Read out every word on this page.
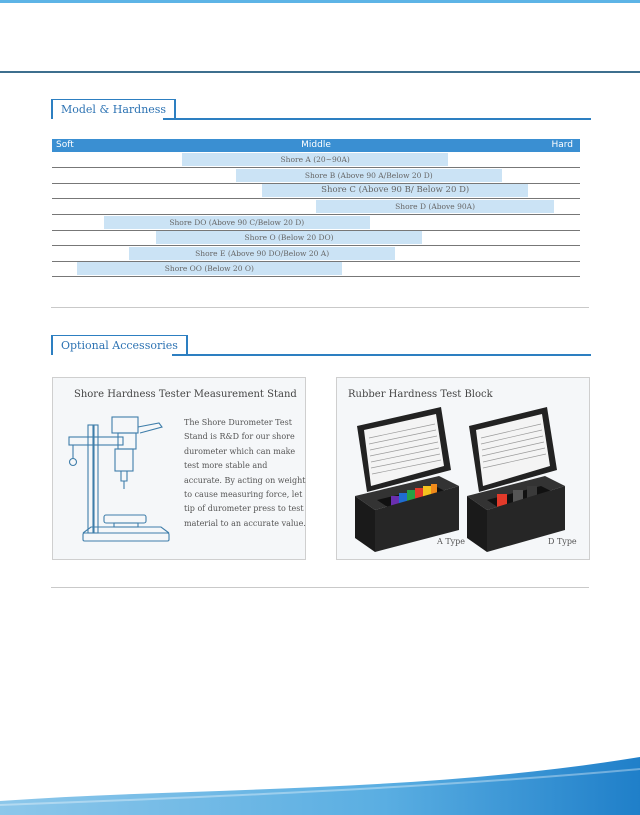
Model & Hardness
Middle
Soft	Hard
Shore A (20~90A)
Shore B (Above 90 A/Below 20 D)
Shore C (Above 90 B/ Below 20 D)
Shore D (Above 90A)
Shore DO (Above 90 C/Below 20 D)
Shore O (Below 20 DO)
Shore E (Above 90 DO/Below 20 A)
Shore OO (Below 20 O)
Optional Accessories
Shore Hardness Tester Measurement Stand
The Shore Durometer Test Stand is R&D for our shore durometer which can make test more stable and accurate. By acting on weight to cause measuring force, let tip of durometer press to test material to an accurate value.
Rubber Hardness Test Block
A Type	D Type
